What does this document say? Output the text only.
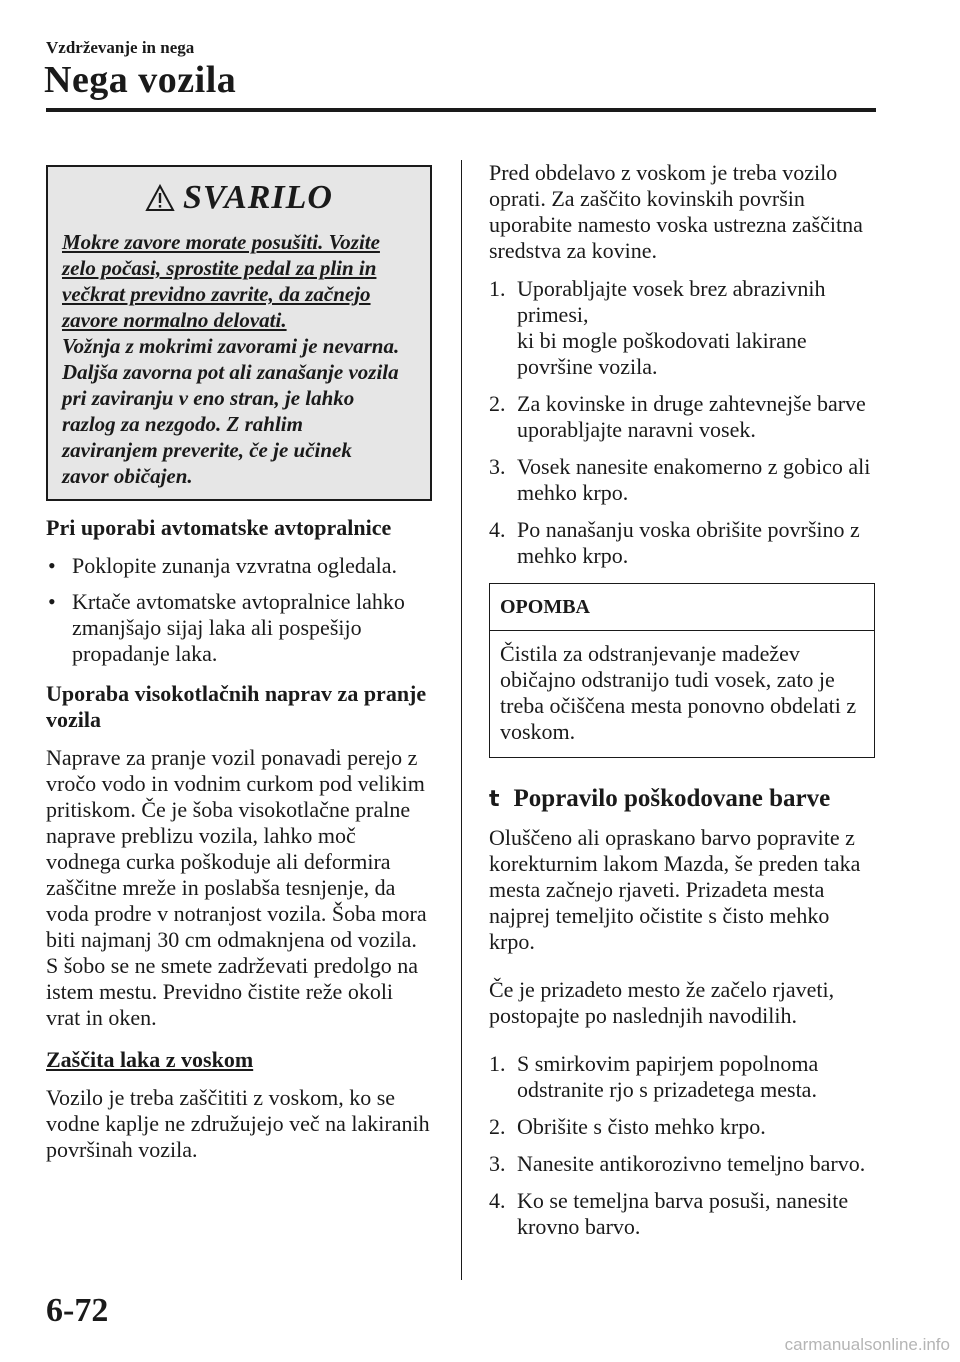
Vzdrževanje in nega
Nega vozila
SVARILO
Mokre zavore morate posušiti. Vozite
zelo počasi, sprostite pedal za plin in
večkrat previdno zavrite, da začnejo
zavore normalno delovati.
Vožnja z mokrimi zavorami je nevarna.
Daljša zavorna pot ali zanašanje vozila
pri zaviranju v eno stran, je lahko
razlog za nezgodo. Z rahlim
zaviranjem preverite, če je učinek
zavor običajen.
Pri uporabi avtomatske avtopralnice
• Poklopite zunanja vzvratna ogledala.
• Krtače avtomatske avtopralnice lahko zmanjšajo sijaj laka ali pospešijo propadanje laka.
Uporaba visokotlačnih naprav za pranje vozila

Naprave za pranje vozil ponavadi perejo z vročo vodo in vodnim curkom pod velikim pritiskom. Če je šoba visokotlačne pralne naprave preblizu vozila, lahko moč vodnega curka poškoduje ali deformira zaščitne mreže in poslabša tesnjenje, da voda prodre v notranjost vozila. Šoba mora biti najmanj 30 cm odmaknjena od vozila. S šobo se ne smete zadrževati predolgo na istem mestu. Previdno čistite reže okoli vrat in oken.

Zaščita laka z voskom

Vozilo je treba zaščititi z voskom, ko se vodne kaplje ne združujejo več na lakiranih površinah vozila.

Pred obdelavo z voskom je treba vozilo oprati. Za zaščito kovinskih površin uporabite namesto voska ustrezna zaščitna sredstva za kovine.

1. Uporabljajte vosek brez abrazivnih primesi,
ki bi mogle poškodovati lakirane površine vozila.
2. Za kovinske in druge zahtevnejše barve uporabljajte naravni vosek.
3. Vosek nanesite enakomerno z gobico ali mehko krpo.
4. Po nanašanju voska obrišite površino z mehko krpo.
OPOMBA
Čistila za odstranjevanje madežev običajno odstranijo tudi vosek, zato je treba očiščena mesta ponovno obdelati z voskom.
t Popravilo poškodovane barve

Oluščeno ali opraskano barvo popravite z korekturnim lakom Mazda, še preden taka mesta začnejo rjaveti. Prizadeta mesta najprej temeljito očistite s čisto mehko krpo.

Če je prizadeto mesto že začelo rjaveti, postopajte po naslednjih navodilih.

1. S smirkovim papirjem popolnoma odstranite rjo s prizadetega mesta.
2. Obrišite s čisto mehko krpo.
3. Nanesite antikorozivno temeljno barvo.
4. Ko se temeljna barva posuši, nanesite krovno barvo.
6-72
carmanualsonline.info
